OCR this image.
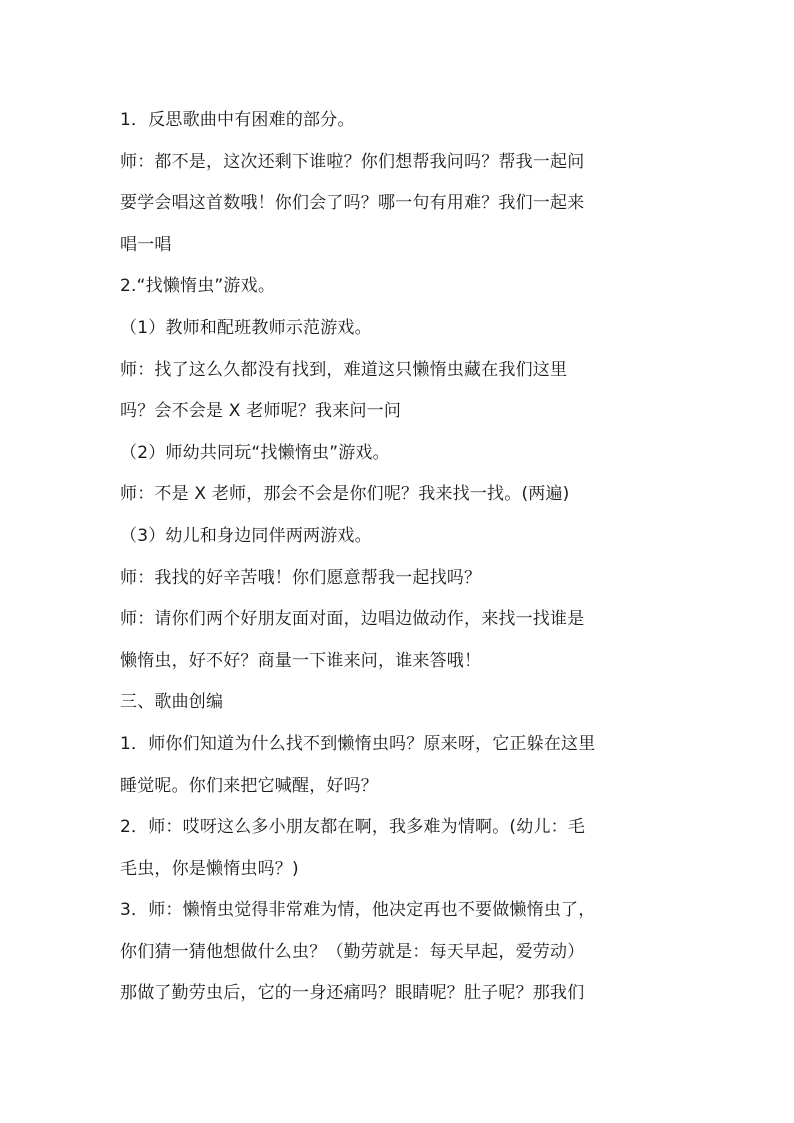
1．反思歌曲中有困难的部分。
师：都不是，这次还剩下谁啦？你们想帮我问吗？帮我一起问
要学会唱这首数哦！你们会了吗？哪一句有用难？我们一起来
唱一唱
2.“找懒惰虫”游戏。
（1）教师和配班教师示范游戏。
师：找了这么久都没有找到，难道这只懒惰虫藏在我们这里
吗？会不会是 X 老师呢？我来问一问
（2）师幼共同玩“找懒惰虫”游戏。
师：不是 X 老师，那会不会是你们呢？我来找一找。(两遍)
（3）幼儿和身边同伴两两游戏。
师：我找的好辛苦哦！你们愿意帮我一起找吗？
师：请你们两个好朋友面对面，边唱边做动作，来找一找谁是
懒惰虫，好不好？商量一下谁来问，谁来答哦！
三、歌曲创编
1．师你们知道为什么找不到懒惰虫吗？原来呀，它正躲在这里
睡觉呢。你们来把它喊醒，好吗？
2．师：哎呀这么多小朋友都在啊，我多难为情啊。(幼儿：毛
毛虫，你是懒惰虫吗？)
3．师：懒惰虫觉得非常难为情，他决定再也不要做懒惰虫了，
你们猜一猜他想做什么虫？（勤劳就是：每天早起，爱劳动）
那做了勤劳虫后，它的一身还痛吗？眼睛呢？肚子呢？那我们
